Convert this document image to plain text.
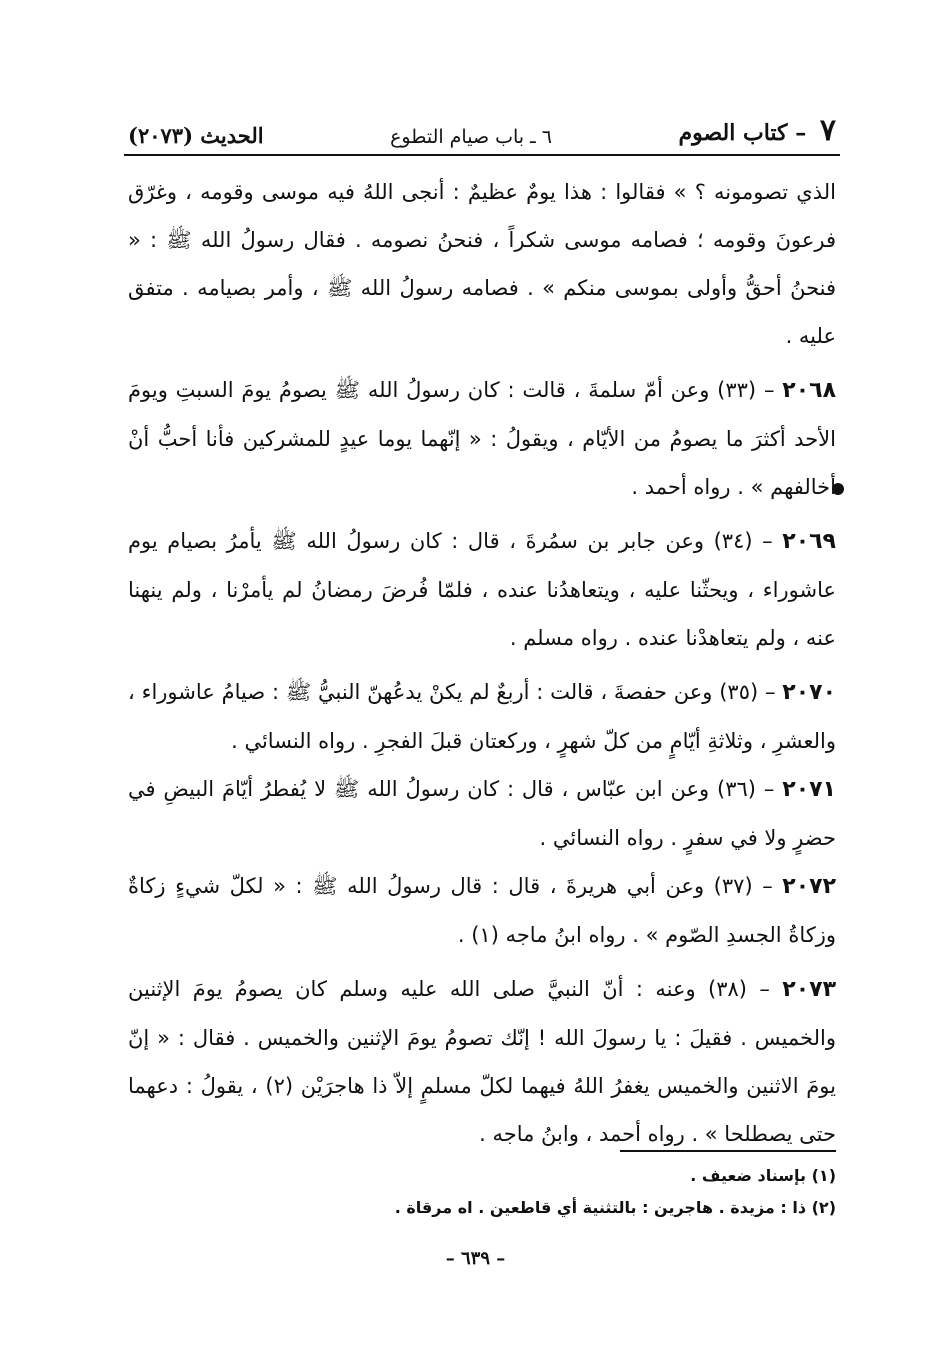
٧ – كتاب الصوم
٦ ـ باب صيام التطوع
الحديث (٢٠٧٣)

الذي تصومونه ؟ » فقالوا : هذا يومٌ عظيمٌ : أنجى اللهُ فيه موسى وقومه ، وغرّق فرعونَ وقومه ؛ فصامه موسى شكراً ، فنحنُ نصومه . فقال رسولُ الله ﷺ : « فنحنُ أحقُّ وأولى بموسى منكم » . فصامه رسولُ الله ﷺ ، وأمر بصيامه . متفق عليه .

٢٠٦٨ – (٣٣) وعن أمّ سلمةَ ، قالت : كان رسولُ الله ﷺ يصومُ يومَ السبتِ ويومَ الأحد أكثرَ ما يصومُ من الأيّام ، ويقولُ : « إنّهما يوما عيدٍ للمشركين فأنا أحبُّ أنْ أخالفهم » . رواه أحمد .

٢٠٦٩ – (٣٤) وعن جابر بن سمُرةَ ، قال : كان رسولُ الله ﷺ يأمرُ بصيام يوم عاشوراء ، ويحثّنا عليه ، ويتعاهدُنا عنده ، فلمّا فُرضَ رمضانُ لم يأمرْنا ، ولم ينهنا عنه ، ولم يتعاهدْنا عنده . رواه مسلم .

٢٠٧٠ – (٣٥) وعن حفصةَ ، قالت : أربعٌ لم يكنْ يدعُهنّ النبيُّ ﷺ : صيامُ عاشوراء ، والعشرِ ، وثلاثةِ أيّامٍ من كلّ شهرٍ ، وركعتان قبلَ الفجرِ . رواه النسائي .

٢٠٧١ – (٣٦) وعن ابن عبّاس ، قال : كان رسولُ الله ﷺ لا يُفطرُ أيّامَ البيضِ في حضرٍ ولا في سفرٍ . رواه النسائي .

٢٠٧٢ – (٣٧) وعن أبي هريرةَ ، قال : قال رسولُ الله ﷺ : « لكلّ شيءٍ زكاةٌ وزكاةُ الجسدِ الصّوم » . رواه ابنُ ماجه (١) .

٢٠٧٣ – (٣٨) وعنه : أنّ النبيَّ صلى الله عليه وسلم كان يصومُ يومَ الإثنين والخميس . فقيلَ : يا رسولَ الله ! إنّك تصومُ يومَ الإثنين والخميس . فقال : « إنّ يومَ الاثنين والخميس يغفرُ اللهُ فيهما لكلّ مسلمٍ إلاّ ذا هاجرَيْن (٢) ، يقولُ : دعهما حتى يصطلحا » . رواه أحمد ، وابنُ ماجه .

(١) بإسناد ضعيف .

(٢) ذا : مزيدة . هاجرين : بالتثنية أي قاطعين . اه مرقاة .

– ٦٣٩ –
